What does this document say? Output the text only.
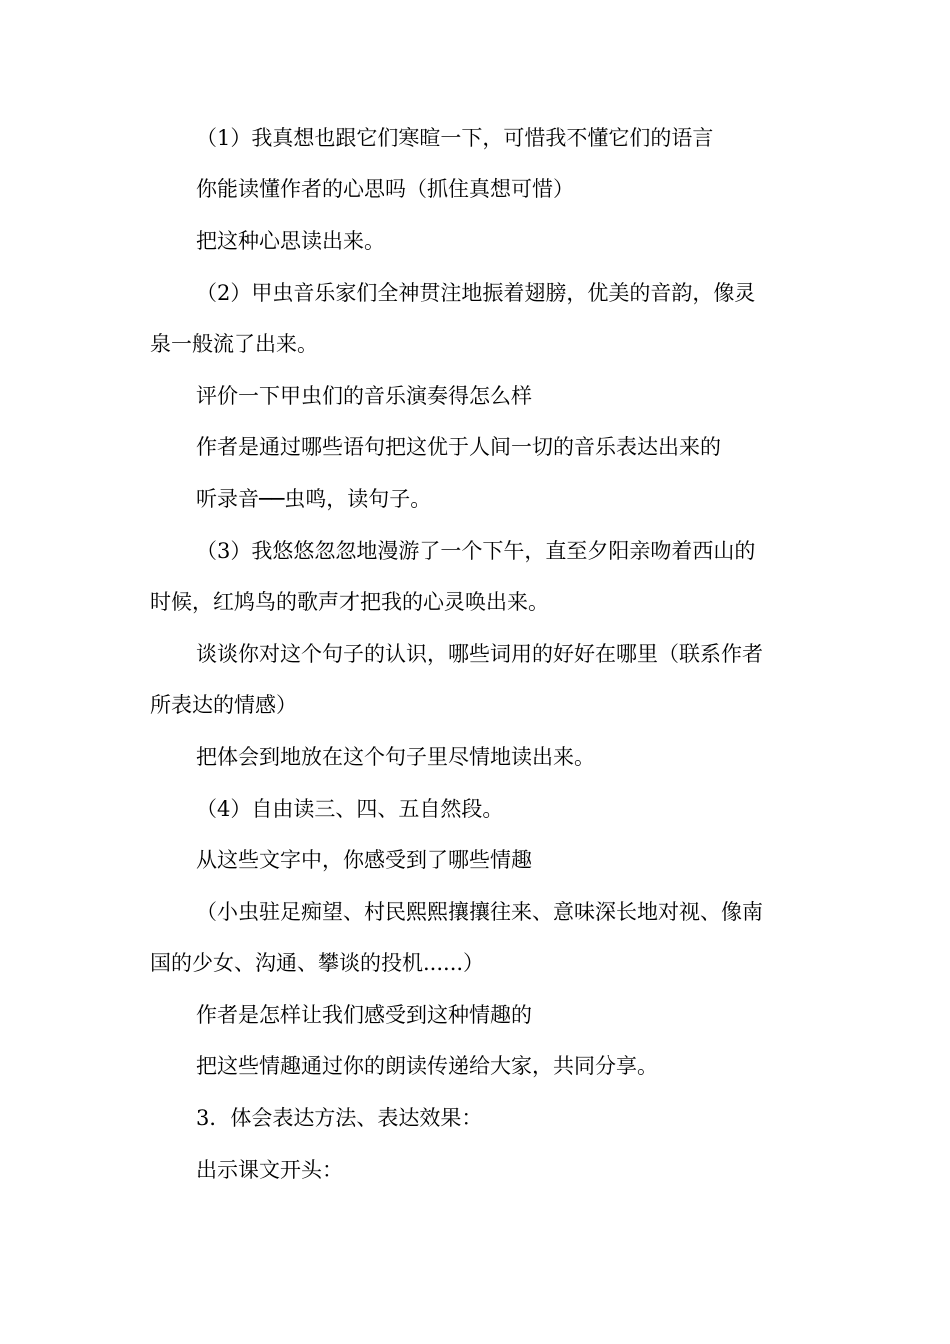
（1）我真想也跟它们寒暄一下，可惜我不懂它们的语言
你能读懂作者的心思吗（抓住真想可惜）
把这种心思读出来。
（2）甲虫音乐家们全神贯注地振着翅膀，优美的音韵，像灵
泉一般流了出来。
评价一下甲虫们的音乐演奏得怎么样
作者是通过哪些语句把这优于人间一切的音乐表达出来的
听录音──虫鸣，读句子。
（3）我悠悠忽忽地漫游了一个下午，直至夕阳亲吻着西山的
时候，红鸠鸟的歌声才把我的心灵唤出来。
谈谈你对这个句子的认识，哪些词用的好好在哪里（联系作者
所表达的情感）
把体会到地放在这个句子里尽情地读出来。
（4）自由读三、四、五自然段。
从这些文字中，你感受到了哪些情趣
（小虫驻足痴望、村民熙熙攘攘往来、意味深长地对视、像南
国的少女、沟通、攀谈的投机......）
作者是怎样让我们感受到这种情趣的
把这些情趣通过你的朗读传递给大家，共同分享。
3．体会表达方法、表达效果：
出示课文开头：
